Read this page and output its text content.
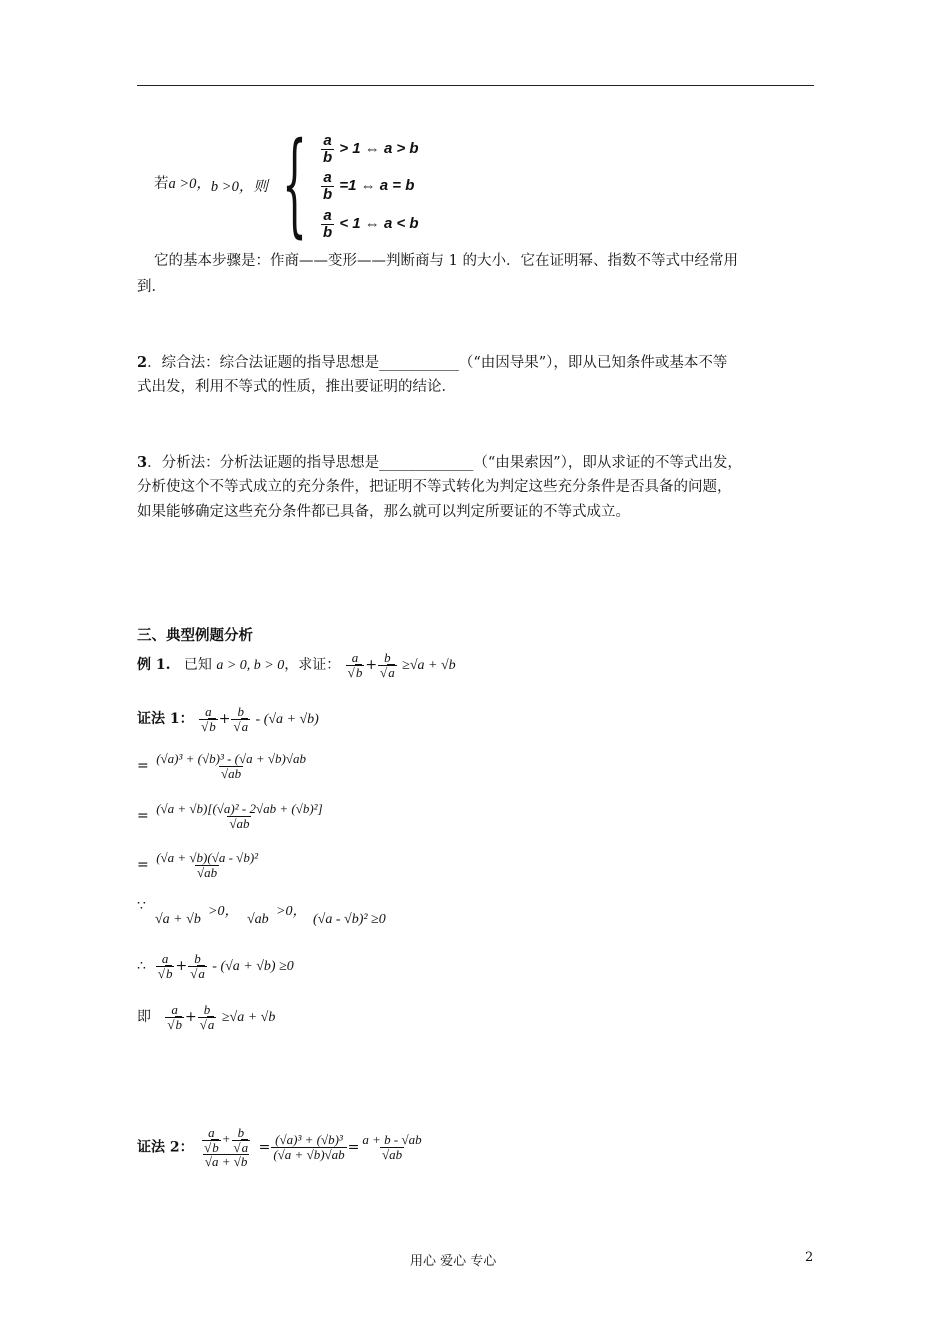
若a >0，b >0，则 { $\frac{a}{b} > 1$ ⇔ a > b
$\frac{a}{b} =1$ ⇔ a = b
$\frac{a}{b} < 1$ ⇔ a < b
它的基本步骤是：作商——变形——判断商与 1 的大小．它在证明幂、指数不等式中经常用
到．
2．综合法：综合法证题的指导思想是___________（“由因导果”），即从已知条件或基本不等
式出发，利用不等式的性质，推出要证明的结论．
3．分析法：分析法证题的指导思想是_____________（“由果索因”），即从求证的不等式出发，
分析使这个不等式成立的充分条件，把证明不等式转化为判定这些充分条件是否具备的问题，
如果能够确定这些充分条件都已具备，那么就可以判定所要证的不等式成立。
三、典型例题分析
例 1. 已知 a > 0, b > 0，求证： $\frac{a}{√b} + \frac{b}{√a} \ge√a + √b$
证法 1： $\frac{a}{√b} + \frac{b}{√a} - (√a + √b)$
= $\frac{\text{(√a)³ + (√b)³ - (√a + √b)√ab}}{√ab}$
= $\frac{\text{(√a + √b)[(√a)² - 2√ab + (√b)²]}}{√ab}$
= $\frac{\text{(√a + √b)(√a - √b)²}}{√ab}$
∵
√a + √b
>0，
√ab
>0，
(√a - √b)² ≥0
∴ $\frac{a}{√b} + \frac{b}{√a} - (√a + √b) \ge 0$
即 $\frac{a}{√b} + \frac{b}{√a} \ge√a + √b$
证法 2： $\frac{\frac{a}{√b} + \frac{b}{√a}}{√a + √b} = \frac{\text{(√a)³ + (√b)³}}{(√a + √b)√ab} = \frac{a + b - √ab}{√ab}$
用心 爱心 专心	2
